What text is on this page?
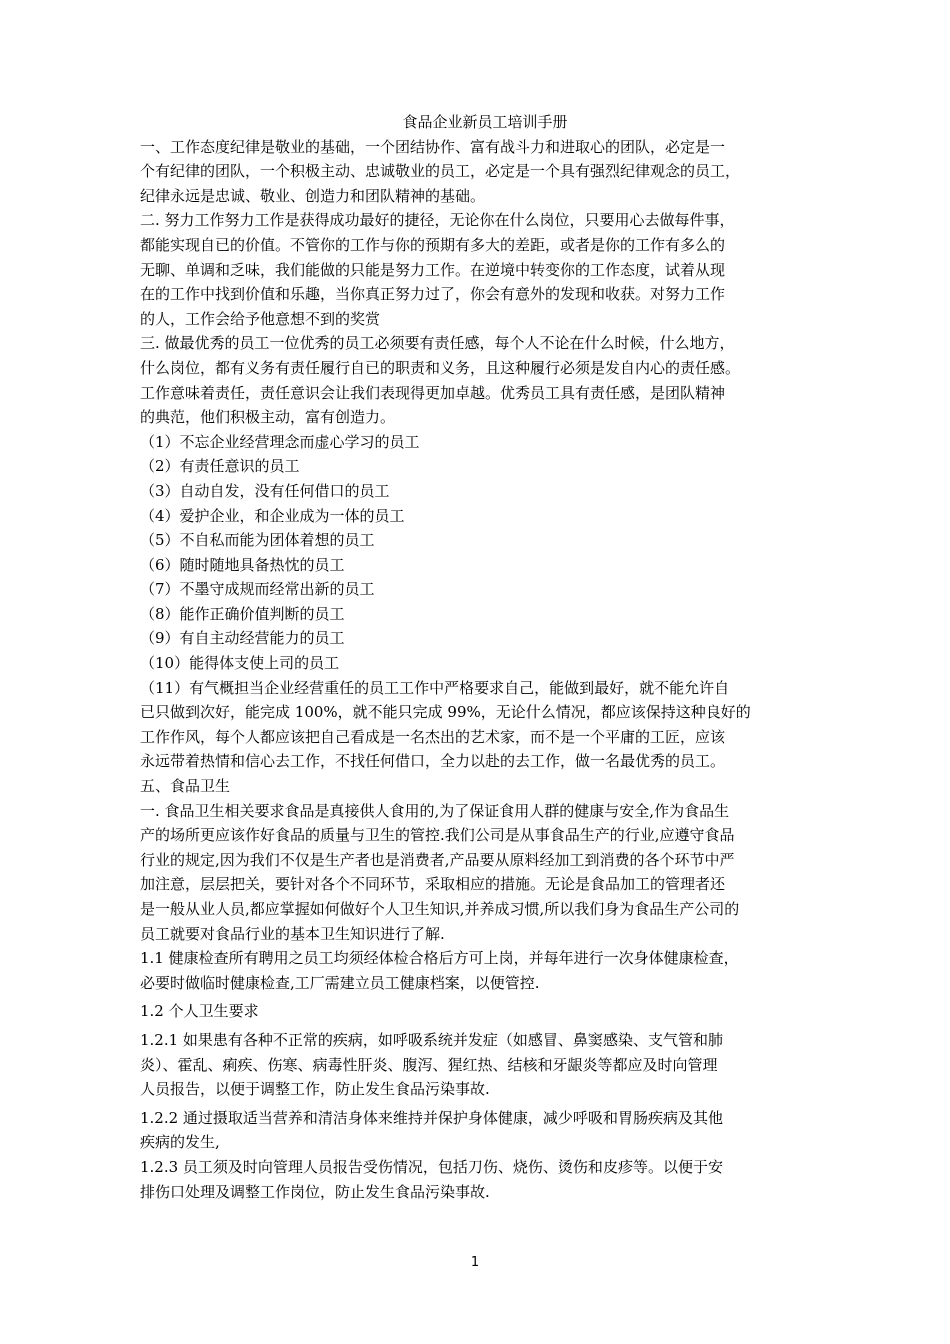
食品企业新员工培训手册
一、工作态度纪律是敬业的基础，一个团结协作、富有战斗力和进取心的团队，必定是一
个有纪律的团队，一个积极主动、忠诚敬业的员工，必定是一个具有强烈纪律观念的员工，
纪律永远是忠诚、敬业、创造力和团队精神的基础。
二. 努力工作努力工作是获得成功最好的捷径，无论你在什么岗位，只要用心去做每件事，
都能实现自已的价值。不管你的工作与你的预期有多大的差距，或者是你的工作有多么的
无聊、单调和乏味，我们能做的只能是努力工作。在逆境中转变你的工作态度，试着从现
在的工作中找到价值和乐趣，当你真正努力过了，你会有意外的发现和收获。对努力工作
的人，工作会给予他意想不到的奖赏
三. 做最优秀的员工一位优秀的员工必须要有责任感，每个人不论在什么时候，什么地方，
什么岗位，都有义务有责任履行自已的职责和义务，且这种履行必须是发自内心的责任感。
工作意味着责任，责任意识会让我们表现得更加卓越。优秀员工具有责任感，是团队精神
的典范，他们积极主动，富有创造力。
（1）不忘企业经营理念而虚心学习的员工
（2）有责任意识的员工
（3）自动自发，没有任何借口的员工
（4）爱护企业，和企业成为一体的员工
（5）不自私而能为团体着想的员工
（6）随时随地具备热忱的员工
（7）不墨守成规而经常出新的员工
（8）能作正确价值判断的员工
（9）有自主动经营能力的员工
（10）能得体支使上司的员工
（11）有气概担当企业经营重任的员工工作中严格要求自己，能做到最好，就不能允许自
已只做到次好，能完成 100%，就不能只完成 99%，无论什么情况，都应该保持这种良好的
工作作风，每个人都应该把自己看成是一名杰出的艺术家，而不是一个平庸的工匠，应该
永远带着热情和信心去工作，不找任何借口，全力以赴的去工作，做一名最优秀的员工。
五、食品卫生
一. 食品卫生相关要求食品是真接供人食用的,为了保证食用人群的健康与安全,作为食品生
产的场所更应该作好食品的质量与卫生的管控.我们公司是从事食品生产的行业,应遵守食品
行业的规定,因为我们不仅是生产者也是消费者,产品要从原料经加工到消费的各个环节中严
加注意，层层把关，要针对各个不同环节，采取相应的措施。无论是食品加工的管理者还
是一般从业人员,都应掌握如何做好个人卫生知识,并养成习惯,所以我们身为食品生产公司的
员工就要对食品行业的基本卫生知识进行了解.
1.1 健康检查所有聘用之员工均须经体检合格后方可上岗，并每年进行一次身体健康检查，
必要时做临时健康检查,工厂需建立员工健康档案，以便管控.
1.2 个人卫生要求
1.2.1 如果患有各种不正常的疾病，如呼吸系统并发症（如感冒、鼻窦感染、支气管和肺
炎）、霍乱、痢疾、伤寒、病毒性肝炎、腹泻、猩红热、结核和牙龈炎等都应及时向管理
人员报告，以便于调整工作，防止发生食品污染事故.
1.2.2 通过摄取适当营养和清洁身体来维持并保护身体健康，减少呼吸和胃肠疾病及其他
疾病的发生,
1.2.3 员工须及时向管理人员报告受伤情况，包括刀伤、烧伤、烫伤和皮疹等。以便于安
排伤口处理及调整工作岗位，防止发生食品污染事故.
1
